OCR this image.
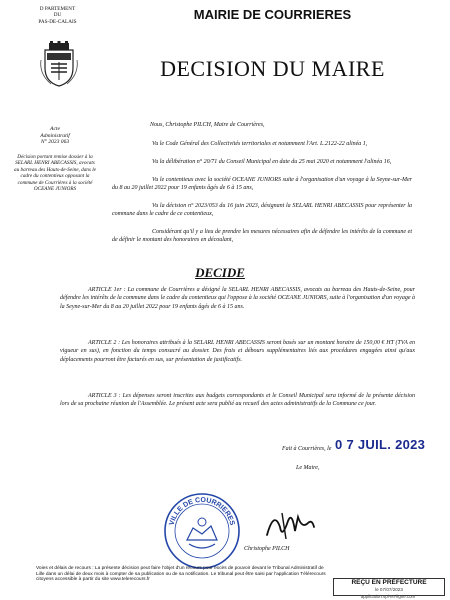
D PARTEMENT
DU
PAS-DE-CALAIS	MAIRIE DE COURRIERES
DECISION DU MAIRE
Acte
Administratif
N° 2023 063
Décision portant remise dossier à la SELARL HENRI ABECASSIS, avocats au barreau des Hauts-de-Seine, dans le cadre du contentieux opposant la commune de Courrières à la société OCEANE JUNIORS
Nous, Christophe PILCH, Maire de Courrières,
Vu le Code Général des Collectivités territoriales et notamment l'Art. L.2122-22 alinéa 1,
Vu la délibération n° 20/71 du Conseil Municipal en date du 25 mai 2020 et notamment l'alinéa 16,
Vu le contentieux avec la société OCEANE JUNIORS suite à l'organisation d'un voyage à la Seyne-sur-Mer du 8 au 20 juillet 2022 pour 19 enfants âgés de 6 à 15 ans,
Vu la décision n° 2023/053 du 16 juin 2023, désignant la SELARL HENRI ABECASSIS pour représenter la commune dans le cadre de ce contentieux,
Considérant qu'il y a lieu de prendre les mesures nécessaires afin de défendre les intérêts de la commune et de définir le montant des honoraires en découlant,
DECIDE
ARTICLE 1er : La commune de Courrières a désigné la SELARL HENRI ABECASSIS, avocats au barreau des Hauts-de-Seine, pour défendre les intérêts de la commune dans le cadre du contentieux qui l'oppose à la société OCEANE JUNIORS, suite à l'organisation d'un voyage à la Seyne-sur-Mer du 8 au 20 juillet 2022 pour 19 enfants âgés de 6 à 15 ans.
ARTICLE 2 : Les honoraires attribués à la SELARL HENRI ABECASSIS seront basés sur un montant horaire de 150,00 € HT (TVA en vigueur en sus), en fonction du temps consacré au dossier. Des frais et débours supplémentaires liés aux procédures engagées ainsi qu'aux déplacements pourront être facturés en sus, sur présentation de justificatifs.
ARTICLE 3 : Les dépenses seront inscrites aux budgets correspondants et le Conseil Municipal sera informé de la présente décision lors de sa prochaine réunion de l'Assemblée. Le présent acte sera publié au recueil des actes administratifs de la Commune ce jour.
Fait à Courrières, le 0 7 JUIL. 2023
Le Maire,
VILLE DE COURRIERES
Christophe PILCH
Voies et délais de recours : La présente décision peut faire l'objet d'un recours pour excès de pouvoir devant le Tribunal Administratif de Lille dans un délai de deux mois à compter de sa publication ou de sa notification. Le tribunal peut être saisi par l'application Télérecours citoyens accessible à partir du site www.telerecours.fr	REÇU EN PRÉFECTURE
le 07/07/2023
application.spl-en-ligne.com
